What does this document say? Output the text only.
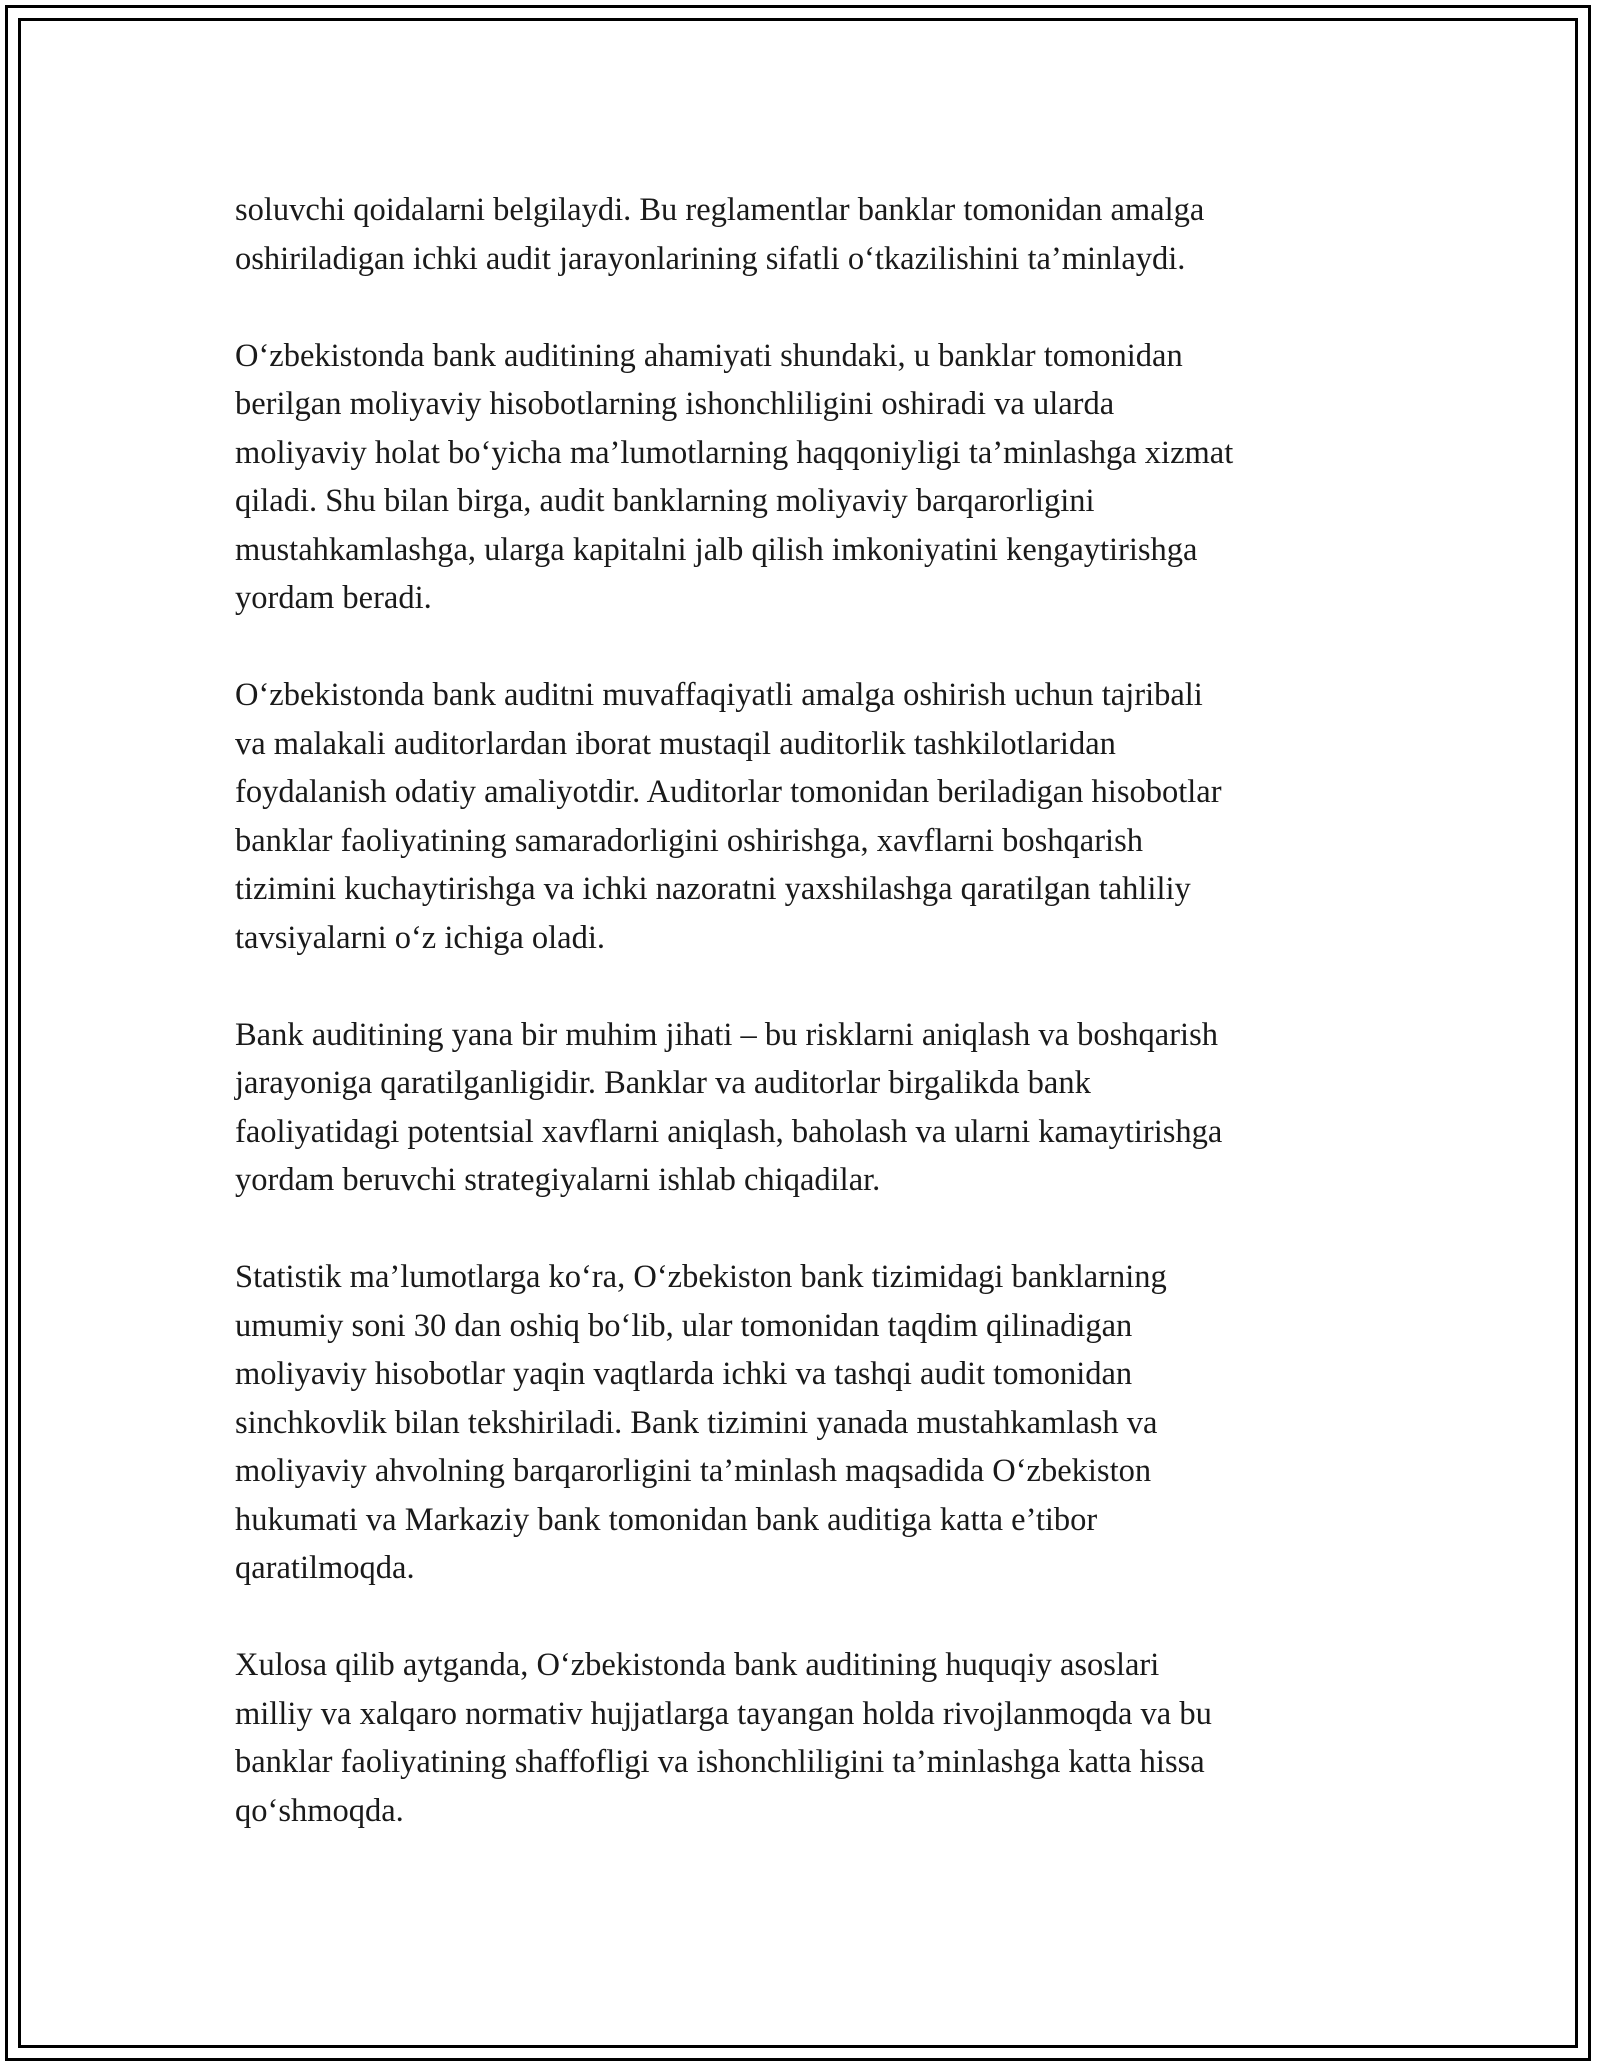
soluvchi qoidalarni belgilaydi. Bu reglamentlar banklar tomonidan amalga
oshiriladigan ichki audit jarayonlarining sifatli o‘tkazilishini ta’minlaydi.

O‘zbekistonda bank auditining ahamiyati shundaki, u banklar tomonidan
berilgan moliyaviy hisobotlarning ishonchliligini oshiradi va ularda
moliyaviy holat bo‘yicha ma’lumotlarning haqqoniyligi ta’minlashga xizmat
qiladi. Shu bilan birga, audit banklarning moliyaviy barqarorligini
mustahkamlashga, ularga kapitalni jalb qilish imkoniyatini kengaytirishga
yordam beradi.

O‘zbekistonda bank auditni muvaffaqiyatli amalga oshirish uchun tajribali
va malakali auditorlardan iborat mustaqil auditorlik tashkilotlaridan
foydalanish odatiy amaliyotdir. Auditorlar tomonidan beriladigan hisobotlar
banklar faoliyatining samaradorligini oshirishga, xavflarni boshqarish
tizimini kuchaytirishga va ichki nazoratni yaxshilashga qaratilgan tahliliy
tavsiyalarni o‘z ichiga oladi.

Bank auditining yana bir muhim jihati – bu risklarni aniqlash va boshqarish
jarayoniga qaratilganligidir. Banklar va auditorlar birgalikda bank
faoliyatidagi potentsial xavflarni aniqlash, baholash va ularni kamaytirishga
yordam beruvchi strategiyalarni ishlab chiqadilar.

Statistik ma’lumotlarga ko‘ra, O‘zbekiston bank tizimidagi banklarning
umumiy soni 30 dan oshiq bo‘lib, ular tomonidan taqdim qilinadigan
moliyaviy hisobotlar yaqin vaqtlarda ichki va tashqi audit tomonidan
sinchkovlik bilan tekshiriladi. Bank tizimini yanada mustahkamlash va
moliyaviy ahvolning barqarorligini ta’minlash maqsadida O‘zbekiston
hukumati va Markaziy bank tomonidan bank auditiga katta e’tibor
qaratilmoqda.

Xulosa qilib aytganda, O‘zbekistonda bank auditining huquqiy asoslari
milliy va xalqaro normativ hujjatlarga tayangan holda rivojlanmoqda va bu
banklar faoliyatining shaffofligi va ishonchliligini ta’minlashga katta hissa
qo‘shmoqda.
